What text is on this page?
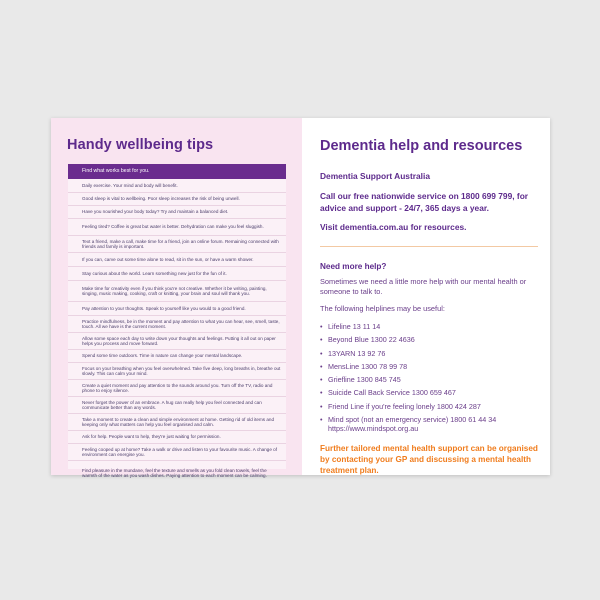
Handy wellbeing tips
Find what works best for you.
Daily exercise. Your mind and body will benefit.
Good sleep is vital to wellbeing. Poor sleep increases the risk of being unwell.
Have you nourished your body today? Try and maintain a balanced diet.
Feeling tired? Coffee is great but water is better. Dehydration can make you feel sluggish.
Text a friend, make a call, make time for a friend, join an online forum. Remaining connected with friends and family is important.
If you can, carve out some time alone to read, sit in the sun, or have a warm shower.
Stay curious about the world. Learn something new just for the fun of it.
Make time for creativity even if you think you're not creative. Whether it be writing, painting, singing, music making, cooking, craft or knitting, your brain and soul will thank you.
Pay attention to your thoughts. Speak to yourself like you would to a good friend.
Practice mindfulness, be in the moment and pay attention to what you can hear, see, smell, taste, touch. All we have is the current moment.
Allow some space each day to write down your thoughts and feelings. Putting it all out on paper helps you process and move forward.
Spend some time outdoors. Time in nature can change your mental landscape.
Focus on your breathing when you feel overwhelmed. Take five deep, long breaths in, breathe out slowly. This can calm your mind.
Create a quiet moment and pay attention to the sounds around you. Turn off the TV, radio and phone to enjoy silence.
Never forget the power of an embrace. A hug can really help you feel connected and can communicate better than any words.
Take a moment to create a clean and simple environment at home. Getting rid of old items and keeping only what matters can help you feel organised and calm.
Ask for help. People want to help, they're just waiting for permission.
Feeling cooped up at home? Take a walk or drive and listen to your favourite music. A change of environment can energise you.
Find pleasure in the mundane, feel the texture and smells as you fold clean towels, feel the warmth of the water as you wash dishes. Paying attention to each moment can be calming.
Dementia help and resources

Dementia Support Australia

Call our free nationwide service on 1800 699 799, for advice and support - 24/7, 365 days a year.

Visit dementia.com.au for resources.

Need more help?

Sometimes we need a little more help with our mental health or someone to talk to.

The following helplines may be useful:

• Lifeline 13 11 14
• Beyond Blue 1300 22 4636
• 13YARN 13 92 76
• MensLine 1300 78 99 78
• Griefline 1300 845 745
• Suicide Call Back Service 1300 659 467
• Friend Line if you're feeling lonely 1800 424 287
• Mind spot (not an emergency service) 1800 61 44 34 https://www.mindspot.org.au

Further tailored mental health support can be organised by contacting your GP and discussing a mental health treatment plan.
